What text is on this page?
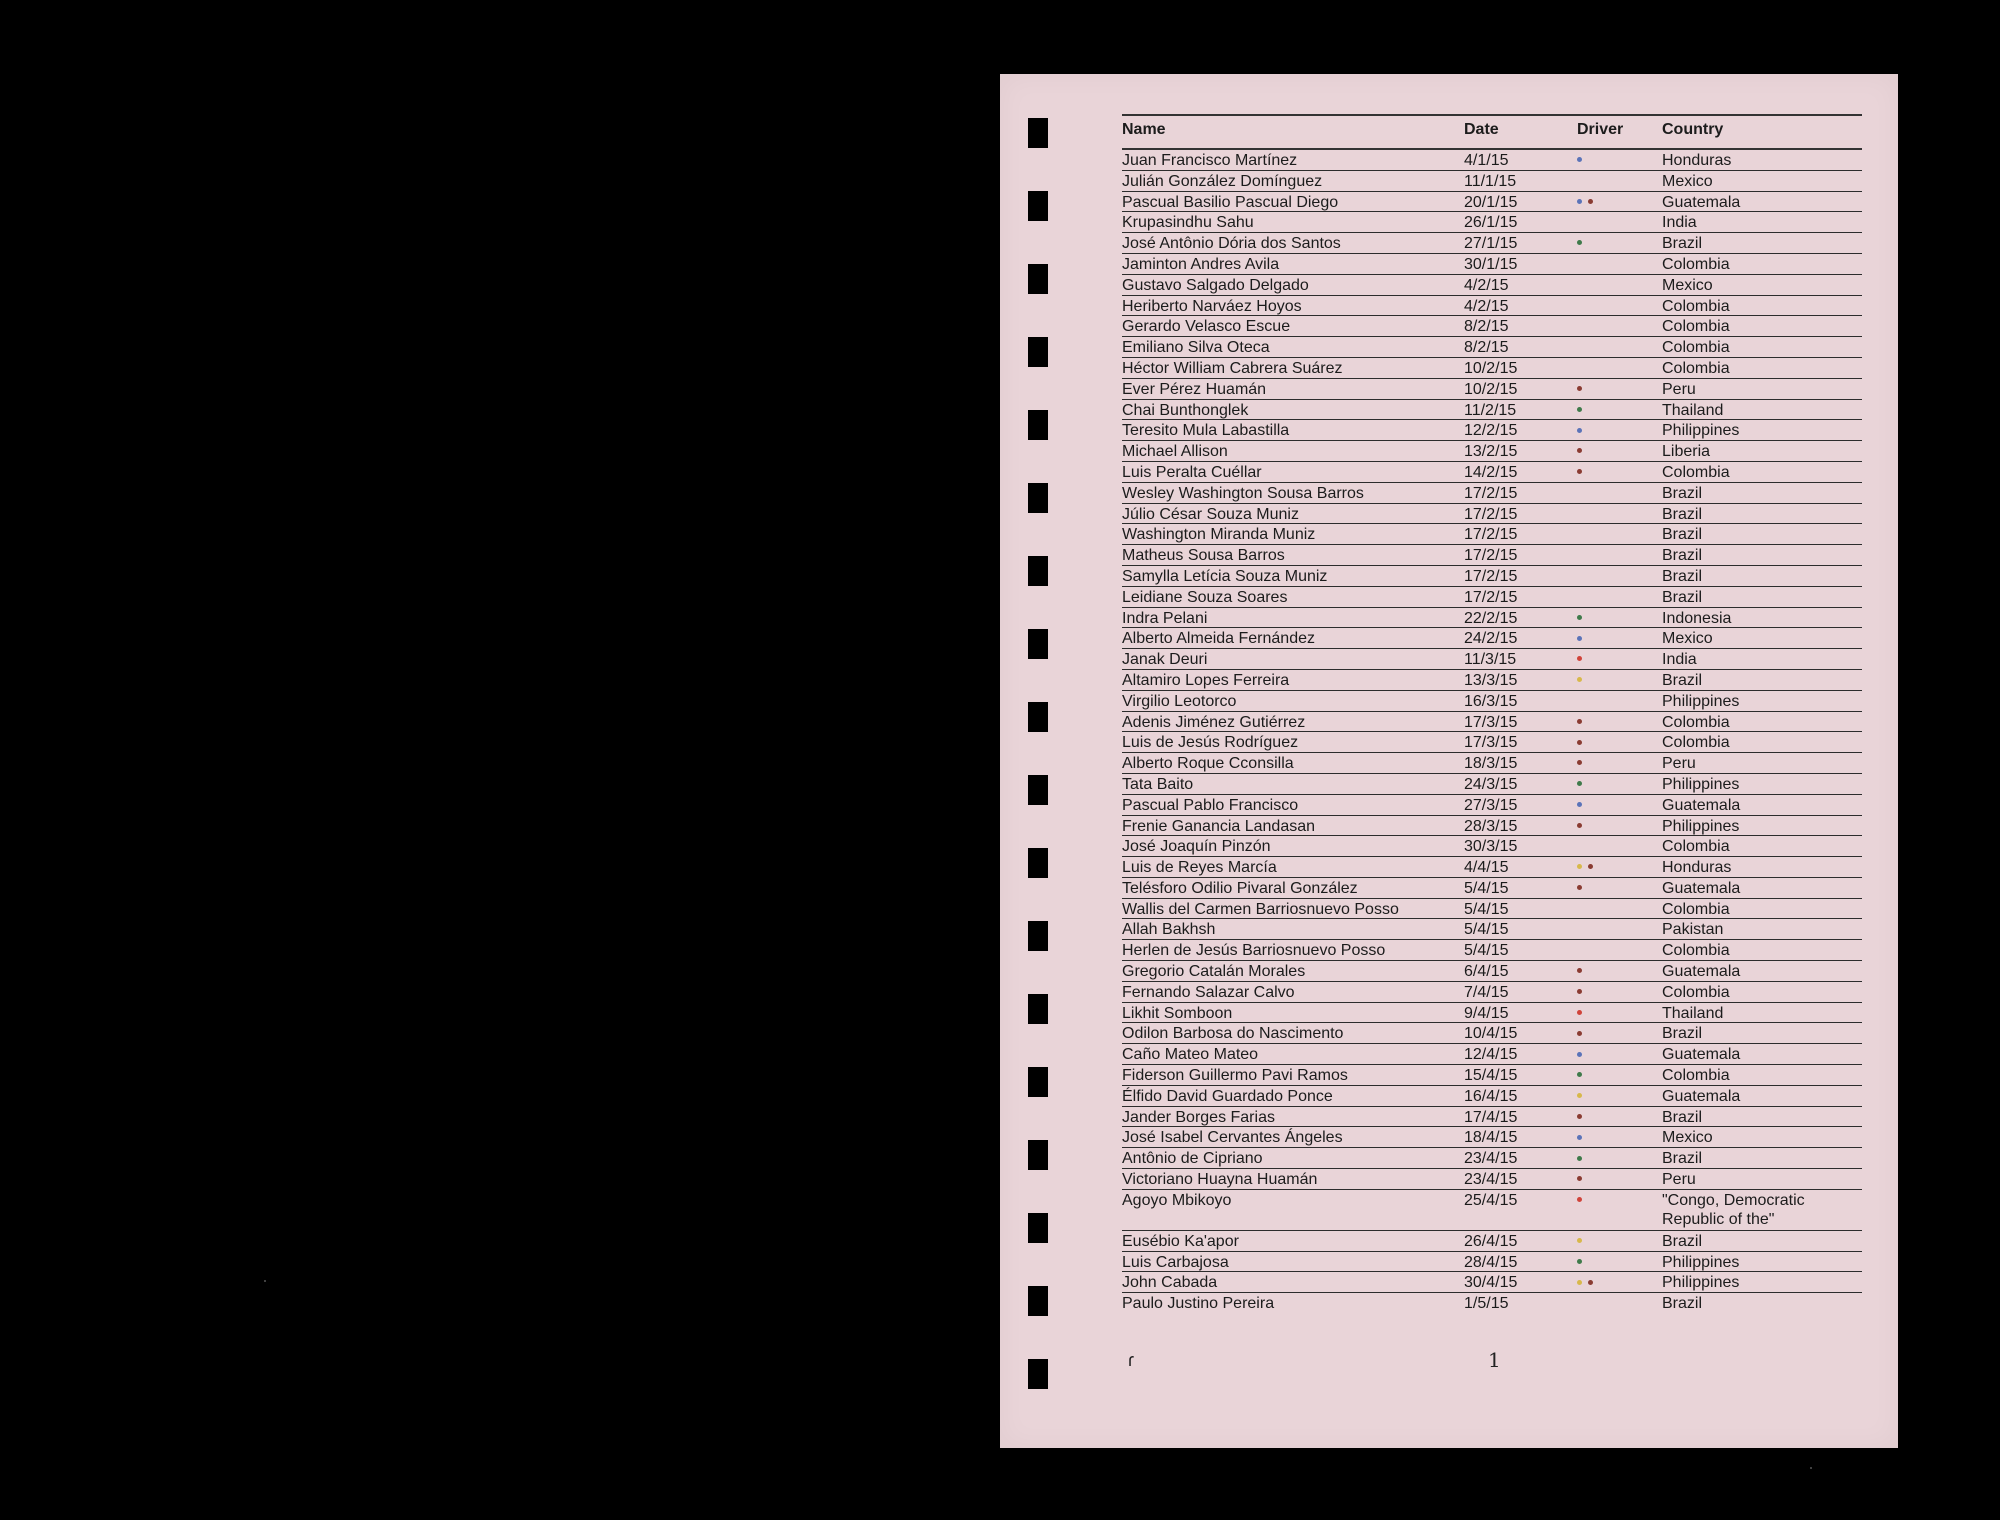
Name	Date	Driver Country
Juan Francisco Martínez	4/1/15	Honduras
Julián González Domínguez	11/1/15	Mexico
Pascual Basilio Pascual Diego	20/1/15	Guatemala
Krupasindhu Sahu	26/1/15	India
José Antônio Dória dos Santos	27/1/15	Brazil
Jaminton Andres Avila	30/1/15	Colombia
Gustavo Salgado Delgado	4/2/15	Mexico
Heriberto Narváez Hoyos	4/2/15	Colombia
Gerardo Velasco Escue	8/2/15	Colombia
Emiliano Silva Oteca	8/2/15	Colombia
Héctor William Cabrera Suárez	10/2/15	Colombia
Ever Pérez Huamán	10/2/15	Peru
Chai Bunthonglek	11/2/15	Thailand
Teresito Mula Labastilla	12/2/15	Philippines
Michael Allison	13/2/15	Liberia
Luis Peralta Cuéllar	14/2/15	Colombia
Wesley Washington Sousa Barros	17/2/15	Brazil
Júlio César Souza Muniz	17/2/15	Brazil
Washington Miranda Muniz	17/2/15	Brazil
Matheus Sousa Barros	17/2/15	Brazil
Samylla Letícia Souza Muniz	17/2/15	Brazil
Leidiane Souza Soares	17/2/15	Brazil
Indra Pelani	22/2/15	Indonesia
Alberto Almeida Fernández	24/2/15	Mexico
Janak Deuri	11/3/15	India
Altamiro Lopes Ferreira	13/3/15	Brazil
Virgilio Leotorco	16/3/15	Philippines
Adenis Jiménez Gutiérrez	17/3/15	Colombia
Luis de Jesús Rodríguez	17/3/15	Colombia
Alberto Roque Cconsilla	18/3/15	Peru
Tata Baito	24/3/15	Philippines
Pascual Pablo Francisco	27/3/15	Guatemala
Frenie Ganancia Landasan	28/3/15	Philippines
José Joaquín Pinzón	30/3/15	Colombia
Luis de Reyes Marcía	4/4/15	Honduras
Telésforo Odilio Pivaral González	5/4/15	Guatemala
Wallis del Carmen Barriosnuevo Posso	5/4/15	Colombia
Allah Bakhsh	5/4/15	Pakistan
Herlen de Jesús Barriosnuevo Posso	5/4/15	Colombia
Gregorio Catalán Morales	6/4/15	Guatemala
Fernando Salazar Calvo	7/4/15	Colombia
Likhit Somboon	9/4/15	Thailand
Odilon Barbosa do Nascimento	10/4/15	Brazil
Caño Mateo Mateo	12/4/15	Guatemala
Fiderson Guillermo Pavi Ramos	15/4/15	Colombia
Élfido David Guardado Ponce	16/4/15	Guatemala
Jander Borges Farias	17/4/15	Brazil
José Isabel Cervantes Ángeles	18/4/15	Mexico
Antônio de Cipriano	23/4/15	Brazil
Victoriano Huayna Huamán	23/4/15	Peru
Agoyo Mbikoyo	25/4/15	"Congo, Democratic Republic of the"
Eusébio Ka'apor	26/4/15	Brazil
Luis Carbajosa	28/4/15	Philippines
John Cabada	30/4/15	Philippines
Paulo Justino Pereira	1/5/15	Brazil
ɾ	1
